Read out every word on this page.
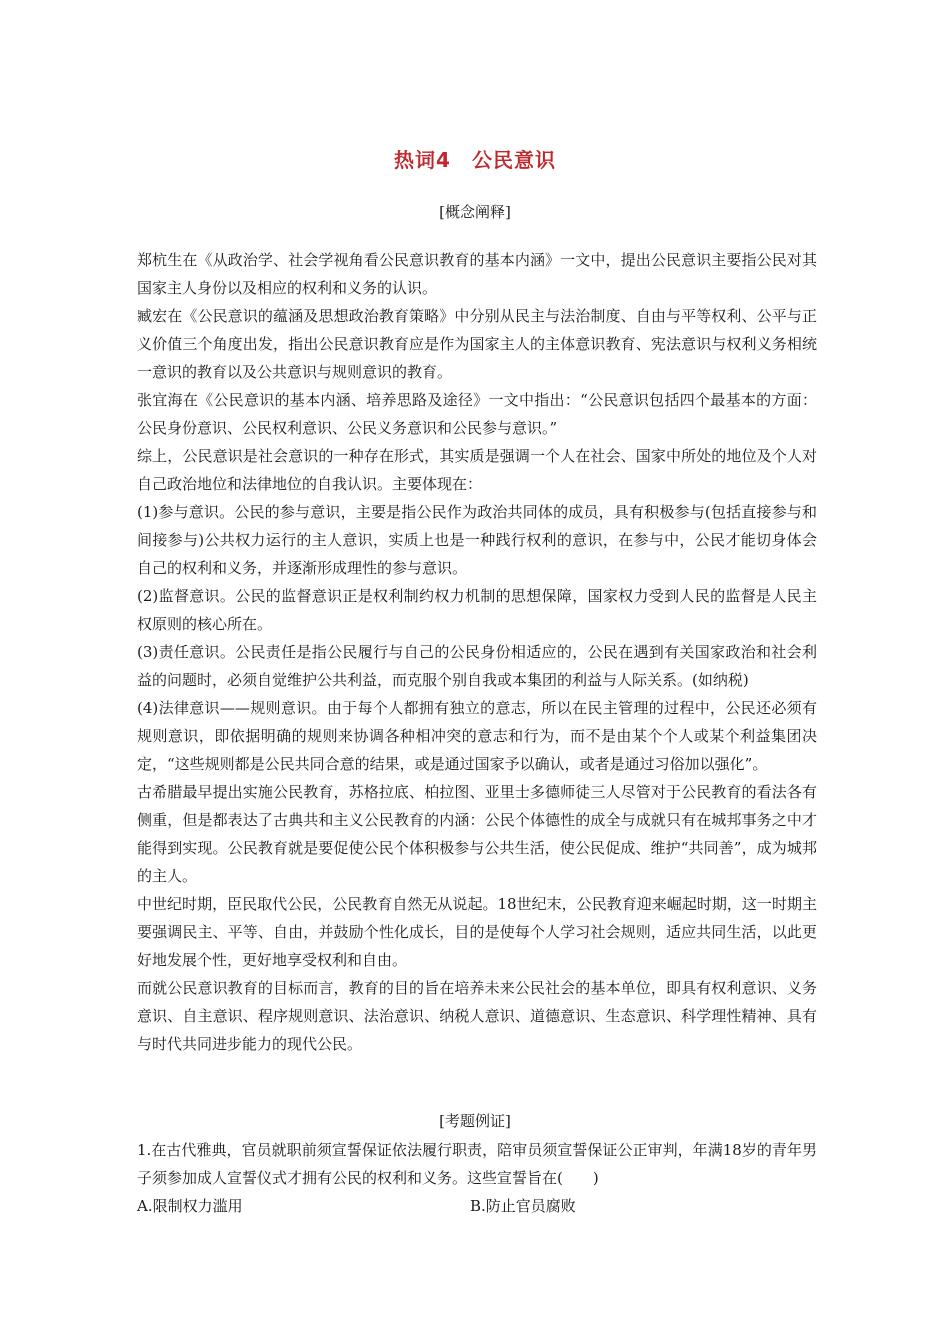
热词4　公民意识
[概念阐释]

郑杭生在《从政治学、社会学视角看公民意识教育的基本内涵》一文中，提出公民意识主要指公民对其国家主人身份以及相应的权利和义务的认识。

臧宏在《公民意识的蕴涵及思想政治教育策略》中分别从民主与法治制度、自由与平等权利、公平与正义价值三个角度出发，指出公民意识教育应是作为国家主人的主体意识教育、宪法意识与权利义务相统一意识的教育以及公共意识与规则意识的教育。

张宜海在《公民意识的基本内涵、培养思路及途径》一文中指出：“公民意识包括四个最基本的方面：公民身份意识、公民权利意识、公民义务意识和公民参与意识。”

综上，公民意识是社会意识的一种存在形式，其实质是强调一个人在社会、国家中所处的地位及个人对自己政治地位和法律地位的自我认识。主要体现在：

(1)参与意识。公民的参与意识，主要是指公民作为政治共同体的成员，具有积极参与(包括直接参与和间接参与)公共权力运行的主人意识，实质上也是一种践行权利的意识，在参与中，公民才能切身体会自己的权利和义务，并逐渐形成理性的参与意识。

(2)监督意识。公民的监督意识正是权利制约权力机制的思想保障，国家权力受到人民的监督是人民主权原则的核心所在。

(3)责任意识。公民责任是指公民履行与自己的公民身份相适应的，公民在遇到有关国家政治和社会利益的问题时，必须自觉维护公共利益，而克服个别自我或本集团的利益与人际关系。(如纳税)

(4)法律意识——规则意识。由于每个人都拥有独立的意志，所以在民主管理的过程中，公民还必须有规则意识，即依据明确的规则来协调各种相冲突的意志和行为，而不是由某个个人或某个利益集团决定，“这些规则都是公民共同合意的结果，或是通过国家予以确认，或者是通过习俗加以强化”。

古希腊最早提出实施公民教育，苏格拉底、柏拉图、亚里士多德师徒三人尽管对于公民教育的看法各有侧重，但是都表达了古典共和主义公民教育的内涵：公民个体德性的成全与成就只有在城邦事务之中才能得到实现。公民教育就是要促使公民个体积极参与公共生活，使公民促成、维护“共同善”，成为城邦的主人。

中世纪时期，臣民取代公民，公民教育自然无从说起。18世纪末，公民教育迎来崛起时期，这一时期主要强调民主、平等、自由，并鼓励个性化成长，目的是使每个人学习社会规则，适应共同生活，以此更好地发展个性，更好地享受权利和自由。

而就公民意识教育的目标而言，教育的目的旨在培养未来公民社会的基本单位，即具有权利意识、义务意识、自主意识、程序规则意识、法治意识、纳税人意识、道德意识、生态意识、科学理性精神、具有与时代共同进步能力的现代公民。

[考题例证]

1.在古代雅典，官员就职前须宣誓保证依法履行职责，陪审员须宣誓保证公正审判，年满18岁的青年男子须参加成人宣誓仪式才拥有公民的权利和义务。这些宣誓旨在(　　)

A.限制权力滥用	B.防止官员腐败
